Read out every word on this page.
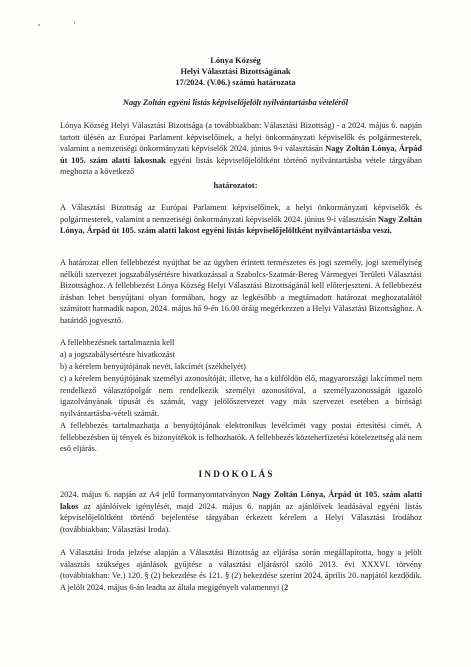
Lónya Község
Helyi Választási Bizottságának
17/2024. (V.06.) számú határozata
Nagy Zoltán egyéni listás képviselőjelölt nyilvántartásba vételéről

Lónya Község Helyi Választási Bizottsága (a továbbiakban: Választási Bizottság) - a 2024. május 6. napján tartott ülésén az Európai Parlament képviselőinek, a helyi önkormányzati képviselők és polgármesterek, valamint a nemzetiségi önkormányzati képviselők 2024. június 9-i választásán Nagy Zoltán Lónya, Árpád út 105. szám alatti lakosnak egyéni listás képviselőjelöltként történő nyilvántartásba vétele tárgyában meghozta a következő

határozatot:

A Választási Bizottság az Európai Parlament képviselőinek, a helyi önkormányzati képviselők és polgármesterek, valamint a nemzetiségi önkormányzati képviselők 2024. június 9-i választásán Nagy Zoltán Lónya, Árpád út 105. szám alatti lakost egyéni listás képviselőjelöltként nyilvántartásba veszi.

A határozat ellen fellebbezést nyújthat be az ügyben érintett természetes és jogi személy, jogi személyiség nélküli szervezet jogszabálysértésre hivatkozással a Szabolcs-Szatmár-Bereg Vármegyei Területi Választási Bizottsághoz. A fellebbezést Lónya Község Helyi Választási Bizottságánál kell előterjeszteni. A fellebbezést írásban lehet benyújtani olyan formában, hogy az legkésőbb a megtámadott határozat meghozatalától számított harmadik napon, 2024. május hó 9-én 16.00 óráig megérkezzen a Helyi Választási Bizottsághoz. A határidő jogvesztő.

A fellebbezésnek tartalmaznia kell
a) a jogszabálysértésre hivatkozást
b) a kérelem benyújtójának nevét, lakcímét (székhelyét)

c) a kérelem benyújtójának személyi azonosítóját, illetve, ha a külföldön élő, magyarországi lakcímmel nem rendelkező választópolgár nem rendelkezik személyi azonosítóval, a személyazonosságát igazoló igazolványának típusát és számát, vagy jelölőszervezet vagy más szervezet esetében a bírósági nyilvántartásba-vételi számát.

A fellebbezés tartalmazhatja a benyújtójának elektronikus levélcímét vagy postai értesítési címét. A fellebbezésben új tények és bizonyítékok is felhozhatók. A fellebbezés közteherfizetési kötelezettség alá nem eső eljárás.

I N D O K O L Á S

2024. május 6. napján az A4 jelű formanyomtatványon Nagy Zoltán Lónya, Árpád út 105. szám alatti lakos az ajánlóívek igénylését, majd 2024. május 6. napján az ajánlóívek leadásával egyéni listás képviselőjelöltként történő bejelentése tárgyában érkezett kérelem a Helyi Választási Irodához (továbbiakban: Választási Iroda).

A Választási Iroda jelzése alapján a Választási Bizottság az eljárása során megállapította, hogy a jelölt választás szükséges ajánlások gyűjtése a választási eljárásról szóló 2013. évi XXXVI. törvény (továbbiakban: Ve.) 120. § (2) bekezdése és 121. § (2) bekezdése szerint 2024. április 20. napjától kezdődik. A jelölt 2024. május 6-án leadta az általa megigényelt valamennyi (2
